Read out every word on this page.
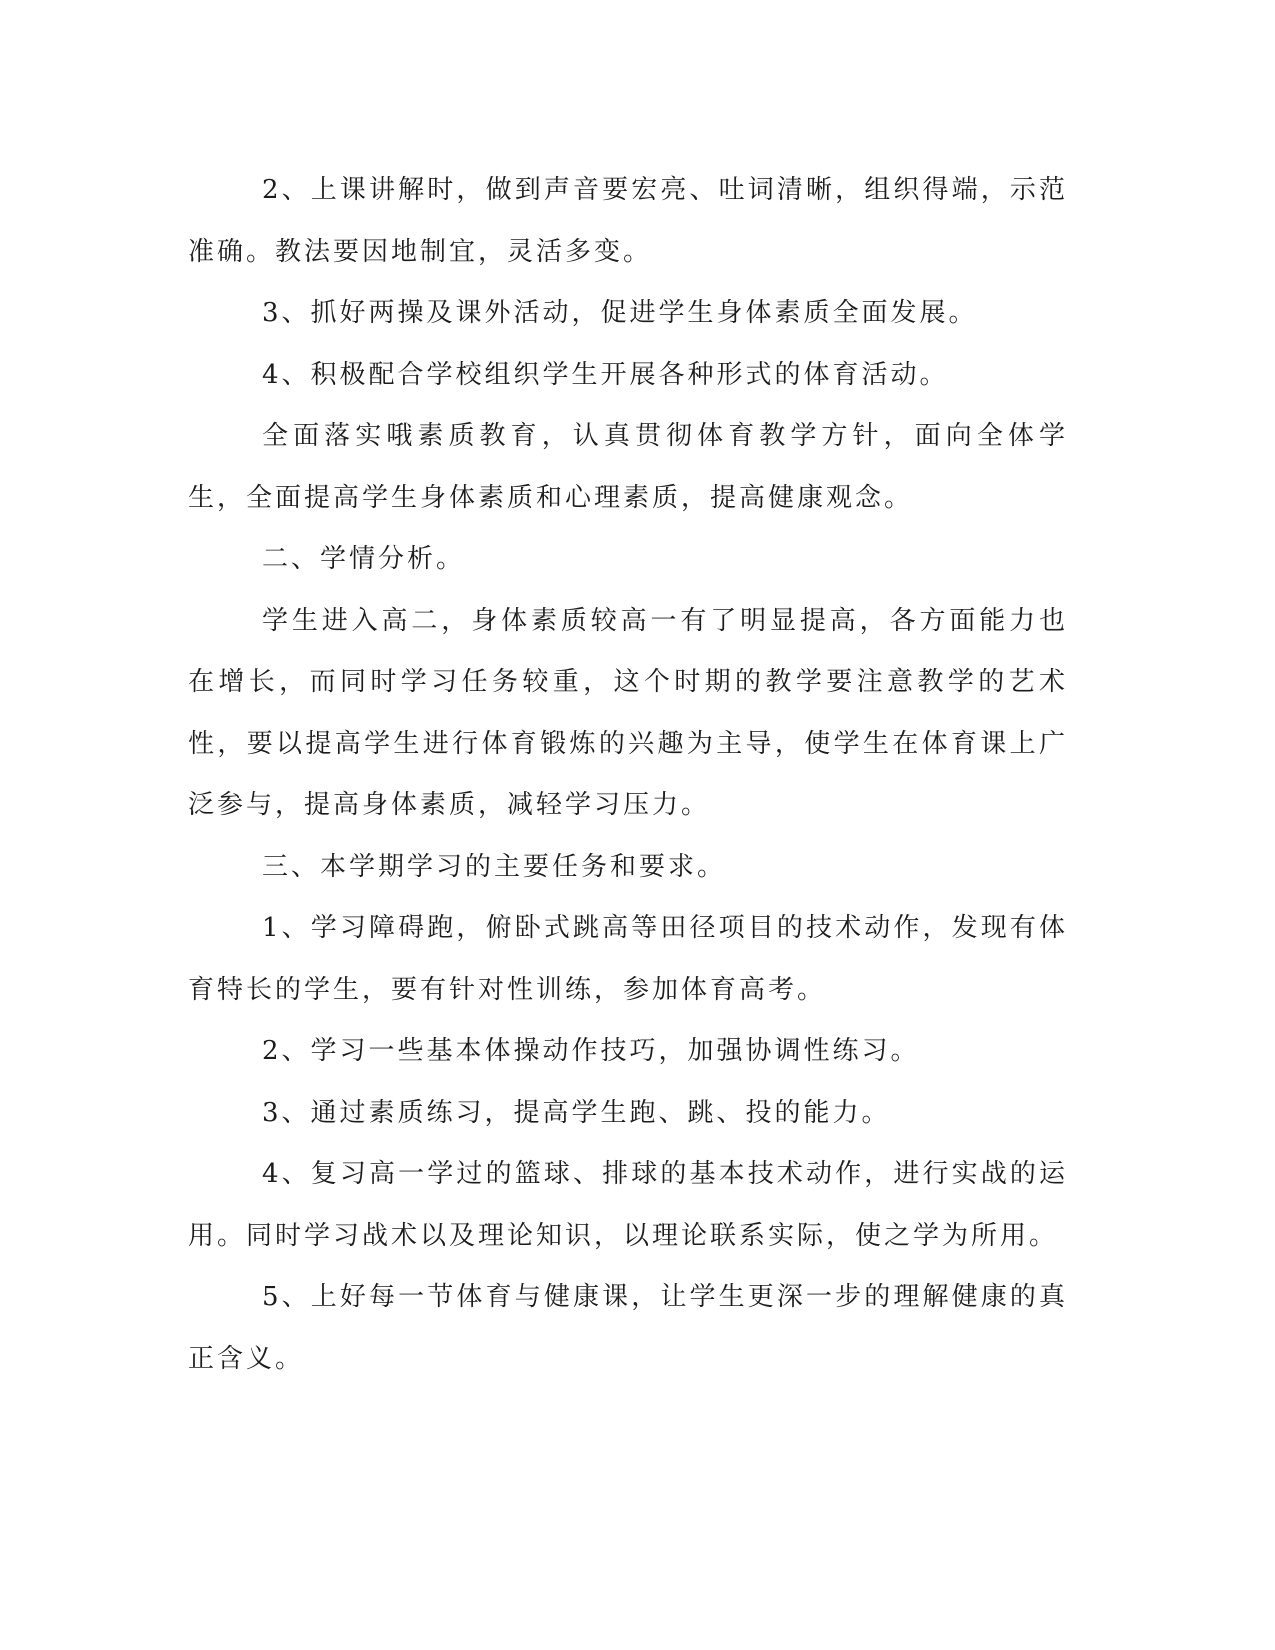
2、上课讲解时，做到声音要宏亮、吐词清晰，组织得端，示范准确。教法要因地制宜，灵活多变。

3、抓好两操及课外活动，促进学生身体素质全面发展。

4、积极配合学校组织学生开展各种形式的体育活动。

全面落实哦素质教育，认真贯彻体育教学方针，面向全体学生，全面提高学生身体素质和心理素质，提高健康观念。

二、学情分析。

学生进入高二，身体素质较高一有了明显提高，各方面能力也在增长，而同时学习任务较重，这个时期的教学要注意教学的艺术性，要以提高学生进行体育锻炼的兴趣为主导，使学生在体育课上广泛参与，提高身体素质，减轻学习压力。

三、本学期学习的主要任务和要求。

1、学习障碍跑，俯卧式跳高等田径项目的技术动作，发现有体育特长的学生，要有针对性训练，参加体育高考。

2、学习一些基本体操动作技巧，加强协调性练习。

3、通过素质练习，提高学生跑、跳、投的能力。

4、复习高一学过的篮球、排球的基本技术动作，进行实战的运用。同时学习战术以及理论知识，以理论联系实际，使之学为所用。

5、上好每一节体育与健康课，让学生更深一步的理解健康的真正含义。
